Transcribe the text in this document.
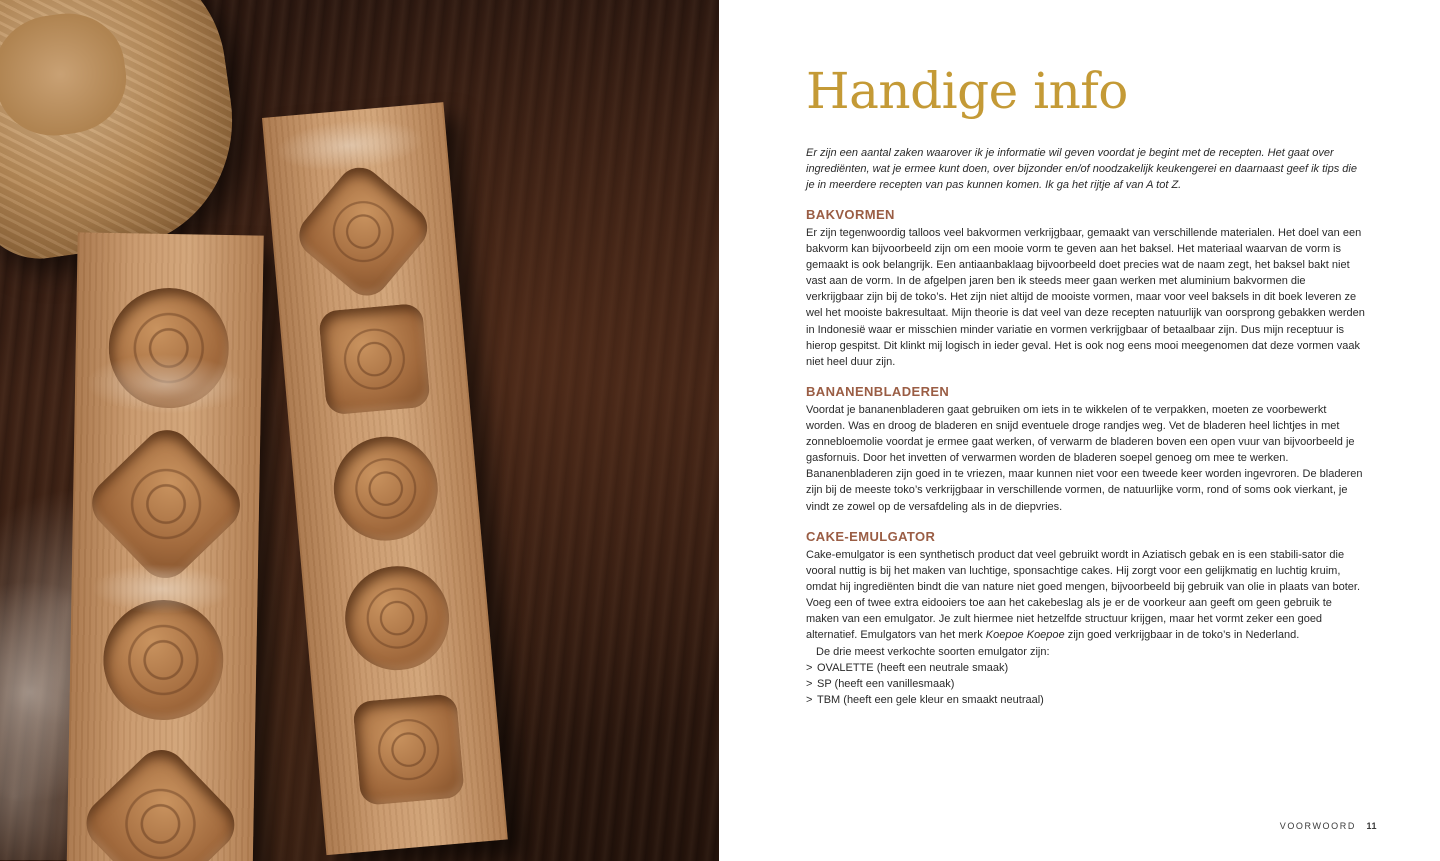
Handige info

Er zijn een aantal zaken waarover ik je informatie wil geven voordat je begint met de recepten. Het gaat over ingrediënten, wat je ermee kunt doen, over bijzonder en/of noodzakelijk keukengerei en daarnaast geef ik tips die je in meerdere recepten van pas kunnen komen. Ik ga het rijtje af van A tot Z.

BAKVORMEN

Er zijn tegenwoordig talloos veel bakvormen verkrijgbaar, gemaakt van verschillende materialen. Het doel van een bakvorm kan bijvoorbeeld zijn om een mooie vorm te geven aan het baksel. Het materiaal waarvan de vorm is gemaakt is ook belangrijk. Een antiaanbaklaag bijvoorbeeld doet precies wat de naam zegt, het baksel bakt niet vast aan de vorm. In de afgelpen jaren ben ik steeds meer gaan werken met aluminium bakvormen die verkrijgbaar zijn bij de toko’s. Het zijn niet altijd de mooiste vormen, maar voor veel baksels in dit boek leveren ze wel het mooiste bakresultaat. Mijn theorie is dat veel van deze recepten natuurlijk van oorsprong gebakken werden in Indonesië waar er misschien minder variatie en vormen verkrijgbaar of betaalbaar zijn. Dus mijn receptuur is hierop gespitst. Dit klinkt mij logisch in ieder geval. Het is ook nog eens mooi meegenomen dat deze vormen vaak niet heel duur zijn.

BANANENBLADEREN

Voordat je bananenbladeren gaat gebruiken om iets in te wikkelen of te verpakken, moeten ze voorbewerkt worden. Was en droog de bladeren en snijd eventuele droge randjes weg. Vet de bladeren heel lichtjes in met zonnebloemolie voordat je ermee gaat werken, of verwarm de bladeren boven een open vuur van bijvoorbeeld je gasfornuis. Door het invetten of verwarmen worden de bladeren soepel genoeg om mee te werken. Bananenbladeren zijn goed in te vriezen, maar kunnen niet voor een tweede keer worden ingevroren. De bladeren zijn bij de meeste toko’s verkrijgbaar in verschillende vormen, de natuurlijke vorm, rond of soms ook vierkant, je vindt ze zowel op de versafdeling als in de diepvries.

CAKE-EMULGATOR

Cake-emulgator is een synthetisch product dat veel gebruikt wordt in Aziatisch gebak en is een stabili-sator die vooral nuttig is bij het maken van luchtige, sponsachtige cakes. Hij zorgt voor een gelijkmatig en luchtig kruim, omdat hij ingrediënten bindt die van nature niet goed mengen, bijvoorbeeld bij gebruik van olie in plaats van boter. Voeg een of twee extra eidooiers toe aan het cakebeslag als je er de voorkeur aan geeft om geen gebruik te maken van een emulgator. Je zult hiermee niet hetzelfde structuur krijgen, maar het vormt zeker een goed alternatief. Emulgators van het merk Koepoe Koepoe zijn goed verkrijgbaar in de toko’s in Nederland.

De drie meest verkochte soorten emulgator zijn:

> OVALETTE (heeft een neutrale smaak)
> SP (heeft een vanillesmaak)
> TBM (heeft een gele kleur en smaakt neutraal)
VOORWOORD 11
